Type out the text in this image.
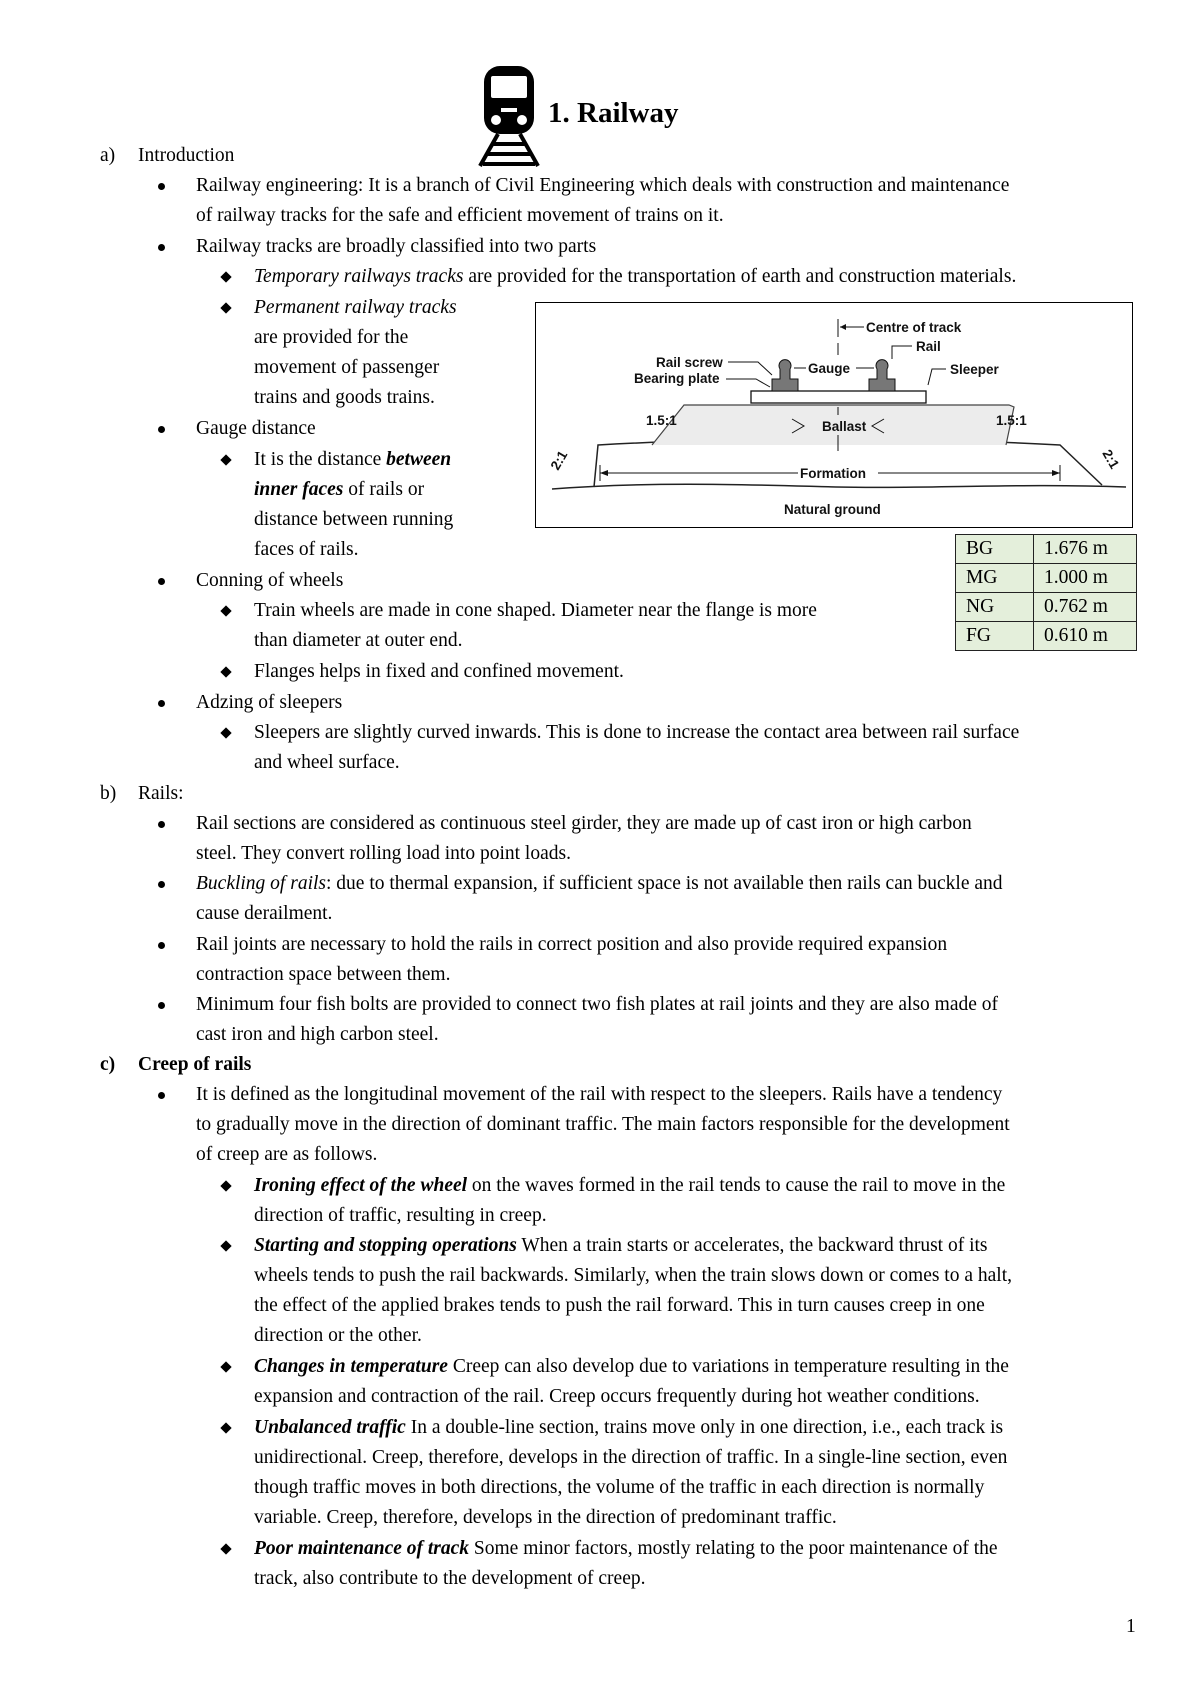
1. Railway
a) Introduction
Railway engineering: It is a branch of Civil Engineering which deals with construction and maintenance
of railway tracks for the safe and efficient movement of trains on it.
Railway tracks are broadly classified into two parts
Temporary railways tracks are provided for the transportation of earth and construction materials.
Permanent railway tracks
are provided for the
movement of passenger
trains and goods trains.
Gauge distance
It is the distance between
inner faces of rails or
distance between running
faces of rails.
Conning of wheels
Train wheels are made in cone shaped. Diameter near the flange is more
than diameter at outer end.
Flanges helps in fixed and confined movement.
Adzing of sleepers
Sleepers are slightly curved inwards. This is done to increase the contact area between rail surface
and wheel surface.
Centre of track
Rail
Gauge	Sleeper
Rail screw
Bearing plate
Ballast
1.5:1	1.5:1
2:1	2:1
Formation
Natural ground
BG	1.676 m
MG	1.000 m
NG	0.762 m
FG	0.610 m
b) Rails:
Rail sections are considered as continuous steel girder, they are made up of cast iron or high carbon
steel. They convert rolling load into point loads.
Buckling of rails: due to thermal expansion, if sufficient space is not available then rails can buckle and
cause derailment.
Rail joints are necessary to hold the rails in correct position and also provide required expansion
contraction space between them.
Minimum four fish bolts are provided to connect two fish plates at rail joints and they are also made of
cast iron and high carbon steel.
c) Creep of rails
It is defined as the longitudinal movement of the rail with respect to the sleepers. Rails have a tendency
to gradually move in the direction of dominant traffic. The main factors responsible for the development
of creep are as follows.
Ironing effect of the wheel on the waves formed in the rail tends to cause the rail to move in the
direction of traffic, resulting in creep.
Starting and stopping operations When a train starts or accelerates, the backward thrust of its
wheels tends to push the rail backwards. Similarly, when the train slows down or comes to a halt,
the effect of the applied brakes tends to push the rail forward. This in turn causes creep in one
direction or the other.
Changes in temperature Creep can also develop due to variations in temperature resulting in the
expansion and contraction of the rail. Creep occurs frequently during hot weather conditions.
Unbalanced traffic In a double-line section, trains move only in one direction, i.e., each track is
unidirectional. Creep, therefore, develops in the direction of traffic. In a single-line section, even
though traffic moves in both directions, the volume of the traffic in each direction is normally
variable. Creep, therefore, develops in the direction of predominant traffic.
Poor maintenance of track Some minor factors, mostly relating to the poor maintenance of the
track, also contribute to the development of creep.
1
